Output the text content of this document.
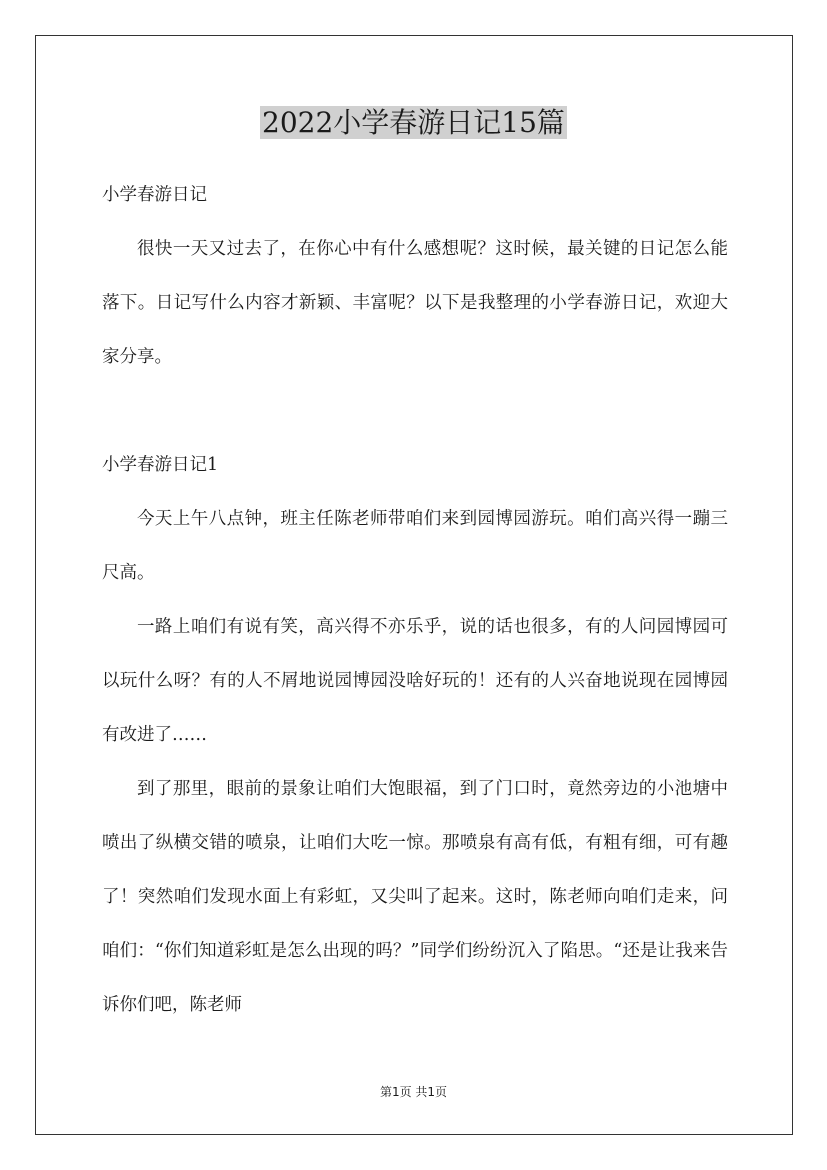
2022小学春游日记15篇

小学春游日记

很快一天又过去了，在你心中有什么感想呢？这时候，最关键的日记怎么能落下。日记写什么内容才新颖、丰富呢？以下是我整理的小学春游日记，欢迎大家分享。

小学春游日记1

今天上午八点钟，班主任陈老师带咱们来到园博园游玩。咱们高兴得一蹦三尺高。

一路上咱们有说有笑，高兴得不亦乐乎，说的话也很多，有的人问园博园可以玩什么呀？有的人不屑地说园博园没啥好玩的！还有的人兴奋地说现在园博园有改进了……

到了那里，眼前的景象让咱们大饱眼福，到了门口时，竟然旁边的小池塘中喷出了纵横交错的喷泉，让咱们大吃一惊。那喷泉有高有低，有粗有细，可有趣了！突然咱们发现水面上有彩虹，又尖叫了起来。这时，陈老师向咱们走来，问咱们：“你们知道彩虹是怎么出现的吗？”同学们纷纷沉入了陷思。“还是让我来告诉你们吧，陈老师

第1页 共1页
